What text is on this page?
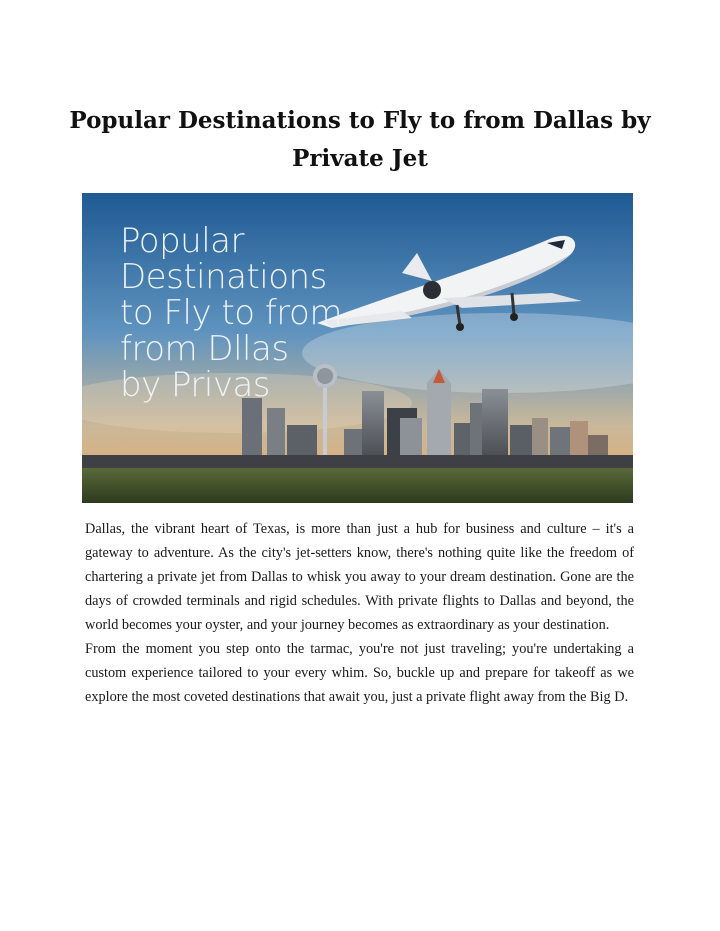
Popular Destinations to Fly to from Dallas by Private Jet
Popular
Destinations
to Fly to from
from Dllas
by Privas

Dallas, the vibrant heart of Texas, is more than just a hub for business and culture – it's a gateway to adventure. As the city's jet-setters know, there's nothing quite like the freedom of chartering a private jet from Dallas to whisk you away to your dream destination. Gone are the days of crowded terminals and rigid schedules. With private flights to Dallas and beyond, the world becomes your oyster, and your journey becomes as extraordinary as your destination.

From the moment you step onto the tarmac, you're not just traveling; you're undertaking a custom experience tailored to your every whim. So, buckle up and prepare for takeoff as we explore the most coveted destinations that await you, just a private flight away from the Big D.
